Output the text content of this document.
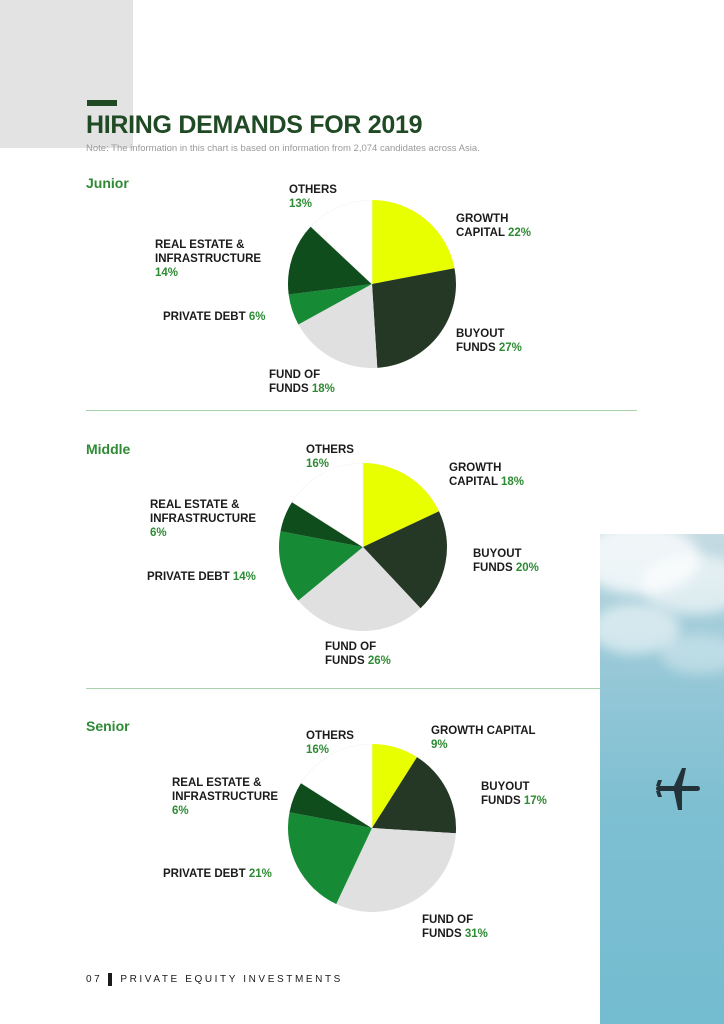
HIRING DEMANDS FOR 2019
Note: The information in this chart is based on information from 2,074 candidates across Asia.
Junior
GROWTH
CAPITAL 22%
BUYOUT
FUNDS 27%
FUND OF
FUNDS 18%
PRIVATE DEBT 6%
REAL ESTATE &
INFRASTRUCTURE
14%
OTHERS
13%
Middle
GROWTH
CAPITAL 18%
BUYOUT
FUNDS 20%
FUND OF
FUNDS 26%
PRIVATE DEBT 14%
REAL ESTATE &
INFRASTRUCTURE
6%
OTHERS
16%
Senior	GROWTH CAPITAL
9%
BUYOUT
FUNDS 17%
FUND OF
FUNDS 31%
PRIVATE DEBT 21%
REAL ESTATE &
INFRASTRUCTURE
6%
OTHERS
16%
07 PRIVATE EQUITY INVESTMENTS
